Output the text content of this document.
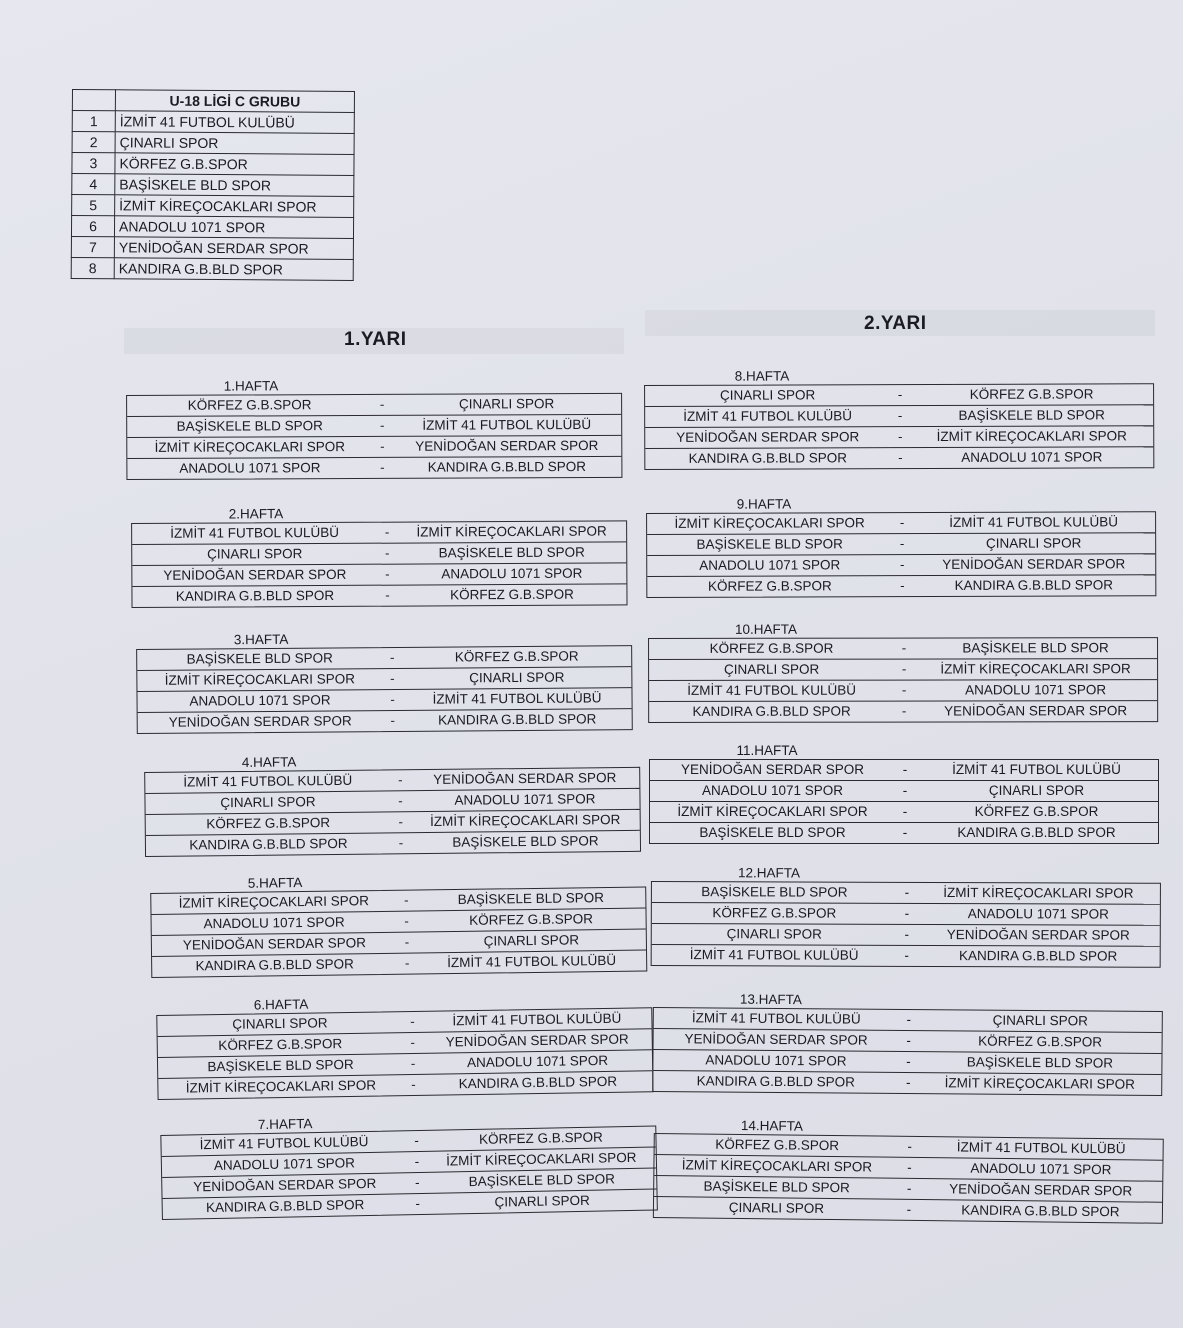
	U-18 LİGİ C GRUBU
1	İZMİT 41 FUTBOL KULÜBÜ
2	ÇINARLI SPOR
3	KÖRFEZ G.B.SPOR
4	BAŞİSKELE BLD SPOR
5	İZMİT KİREÇOCAKLARI SPOR
6	ANADOLU 1071 SPOR
7	YENİDOĞAN SERDAR SPOR
8	KANDIRA G.B.BLD SPOR
1.YARI
2.YARI
1.HAFTA
KÖRFEZ G.B.SPOR	-	ÇINARLI SPOR
BAŞİSKELE BLD SPOR	-	İZMİT 41 FUTBOL KULÜBÜ
İZMİT KİREÇOCAKLARI SPOR	-	YENİDOĞAN SERDAR SPOR
ANADOLU 1071 SPOR	-	KANDIRA G.B.BLD SPOR
2.HAFTA
İZMİT 41 FUTBOL KULÜBÜ	-	İZMİT KİREÇOCAKLARI SPOR
ÇINARLI SPOR	-	BAŞİSKELE BLD SPOR
YENİDOĞAN SERDAR SPOR	-	ANADOLU 1071 SPOR
KANDIRA G.B.BLD SPOR	-	KÖRFEZ G.B.SPOR
3.HAFTA
BAŞİSKELE BLD SPOR	-	KÖRFEZ G.B.SPOR
İZMİT KİREÇOCAKLARI SPOR	-	ÇINARLI SPOR
ANADOLU 1071 SPOR	-	İZMİT 41 FUTBOL KULÜBÜ
YENİDOĞAN SERDAR SPOR	-	KANDIRA G.B.BLD SPOR
4.HAFTA
İZMİT 41 FUTBOL KULÜBÜ	-	YENİDOĞAN SERDAR SPOR
ÇINARLI SPOR	-	ANADOLU 1071 SPOR
KÖRFEZ G.B.SPOR	-	İZMİT KİREÇOCAKLARI SPOR
KANDIRA G.B.BLD SPOR	-	BAŞİSKELE BLD SPOR
5.HAFTA
İZMİT KİREÇOCAKLARI SPOR	-	BAŞİSKELE BLD SPOR
ANADOLU 1071 SPOR	-	KÖRFEZ G.B.SPOR
YENİDOĞAN SERDAR SPOR	-	ÇINARLI SPOR
KANDIRA G.B.BLD SPOR	-	İZMİT 41 FUTBOL KULÜBÜ
6.HAFTA
ÇINARLI SPOR	-	İZMİT 41 FUTBOL KULÜBÜ
KÖRFEZ G.B.SPOR	-	YENİDOĞAN SERDAR SPOR
BAŞİSKELE BLD SPOR	-	ANADOLU 1071 SPOR
İZMİT KİREÇOCAKLARI SPOR	-	KANDIRA G.B.BLD SPOR
7.HAFTA
İZMİT 41 FUTBOL KULÜBÜ	-	KÖRFEZ G.B.SPOR
ANADOLU 1071 SPOR	-	İZMİT KİREÇOCAKLARI SPOR
YENİDOĞAN SERDAR SPOR	-	BAŞİSKELE BLD SPOR
KANDIRA G.B.BLD SPOR	-	ÇINARLI SPOR
8.HAFTA
ÇINARLI SPOR	-	KÖRFEZ G.B.SPOR
İZMİT 41 FUTBOL KULÜBÜ	-	BAŞİSKELE BLD SPOR
YENİDOĞAN SERDAR SPOR	-	İZMİT KİREÇOCAKLARI SPOR
KANDIRA G.B.BLD SPOR	-	ANADOLU 1071 SPOR
9.HAFTA
İZMİT KİREÇOCAKLARI SPOR	-	İZMİT 41 FUTBOL KULÜBÜ
BAŞİSKELE BLD SPOR	-	ÇINARLI SPOR
ANADOLU 1071 SPOR	-	YENİDOĞAN SERDAR SPOR
KÖRFEZ G.B.SPOR	-	KANDIRA G.B.BLD SPOR
10.HAFTA
KÖRFEZ G.B.SPOR	-	BAŞİSKELE BLD SPOR
ÇINARLI SPOR	-	İZMİT KİREÇOCAKLARI SPOR
İZMİT 41 FUTBOL KULÜBÜ	-	ANADOLU 1071 SPOR
KANDIRA G.B.BLD SPOR	-	YENİDOĞAN SERDAR SPOR
11.HAFTA
YENİDOĞAN SERDAR SPOR	-	İZMİT 41 FUTBOL KULÜBÜ
ANADOLU 1071 SPOR	-	ÇINARLI SPOR
İZMİT KİREÇOCAKLARI SPOR	-	KÖRFEZ G.B.SPOR
BAŞİSKELE BLD SPOR	-	KANDIRA G.B.BLD SPOR
12.HAFTA
BAŞİSKELE BLD SPOR	-	İZMİT KİREÇOCAKLARI SPOR
KÖRFEZ G.B.SPOR	-	ANADOLU 1071 SPOR
ÇINARLI SPOR	-	YENİDOĞAN SERDAR SPOR
İZMİT 41 FUTBOL KULÜBÜ	-	KANDIRA G.B.BLD SPOR
13.HAFTA
İZMİT 41 FUTBOL KULÜBÜ	-	ÇINARLI SPOR
YENİDOĞAN SERDAR SPOR	-	KÖRFEZ G.B.SPOR
ANADOLU 1071 SPOR	-	BAŞİSKELE BLD SPOR
KANDIRA G.B.BLD SPOR	-	İZMİT KİREÇOCAKLARI SPOR
14.HAFTA
KÖRFEZ G.B.SPOR	-	İZMİT 41 FUTBOL KULÜBÜ
İZMİT KİREÇOCAKLARI SPOR	-	ANADOLU 1071 SPOR
BAŞİSKELE BLD SPOR	-	YENİDOĞAN SERDAR SPOR
ÇINARLI SPOR	-	KANDIRA G.B.BLD SPOR
